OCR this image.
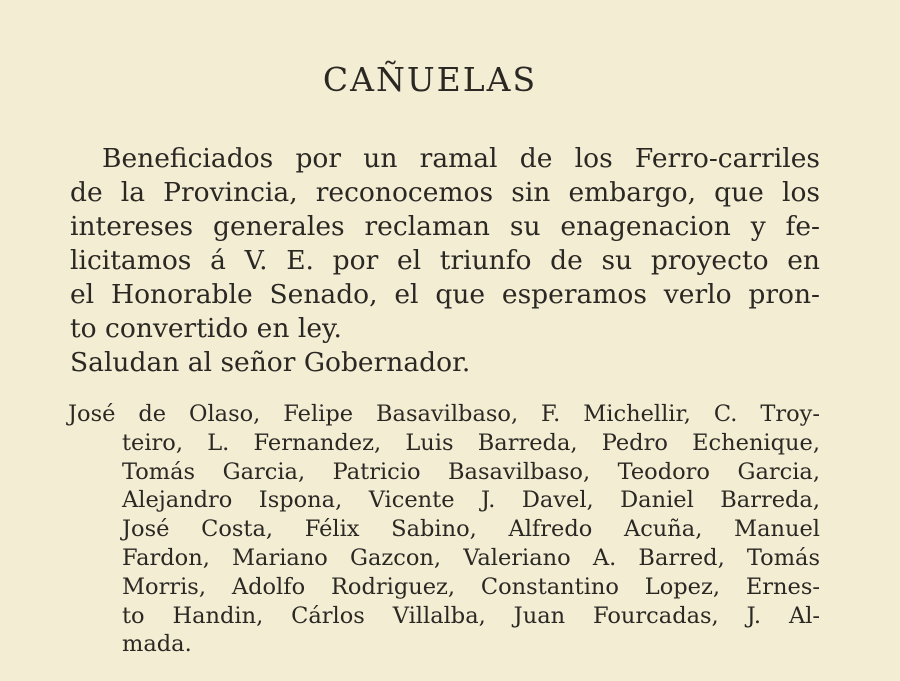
CAÑUELAS
Beneficiados por un ramal de los Ferro-carriles
de la Provincia, reconocemos sin embargo, que los
intereses generales reclaman su enagenacion y fe-
licitamos á V. E. por el triunfo de su proyecto en
el Honorable Senado, el que esperamos verlo pron-
to convertido en ley.
Saludan al señor Gobernador.
José de Olaso, Felipe Basavilbaso, F. Michellir, C. Troy-
teiro, L. Fernandez, Luis Barreda, Pedro Echenique,
Tomás Garcia, Patricio Basavilbaso, Teodoro Garcia,
Alejandro Ispona, Vicente J. Davel, Daniel Barreda,
José Costa, Félix Sabino, Alfredo Acuña, Manuel
Fardon, Mariano Gazcon, Valeriano A. Barred, Tomás
Morris, Adolfo Rodriguez, Constantino Lopez, Ernes-
to Handin, Cárlos Villalba, Juan Fourcadas, J. Al-
mada.
